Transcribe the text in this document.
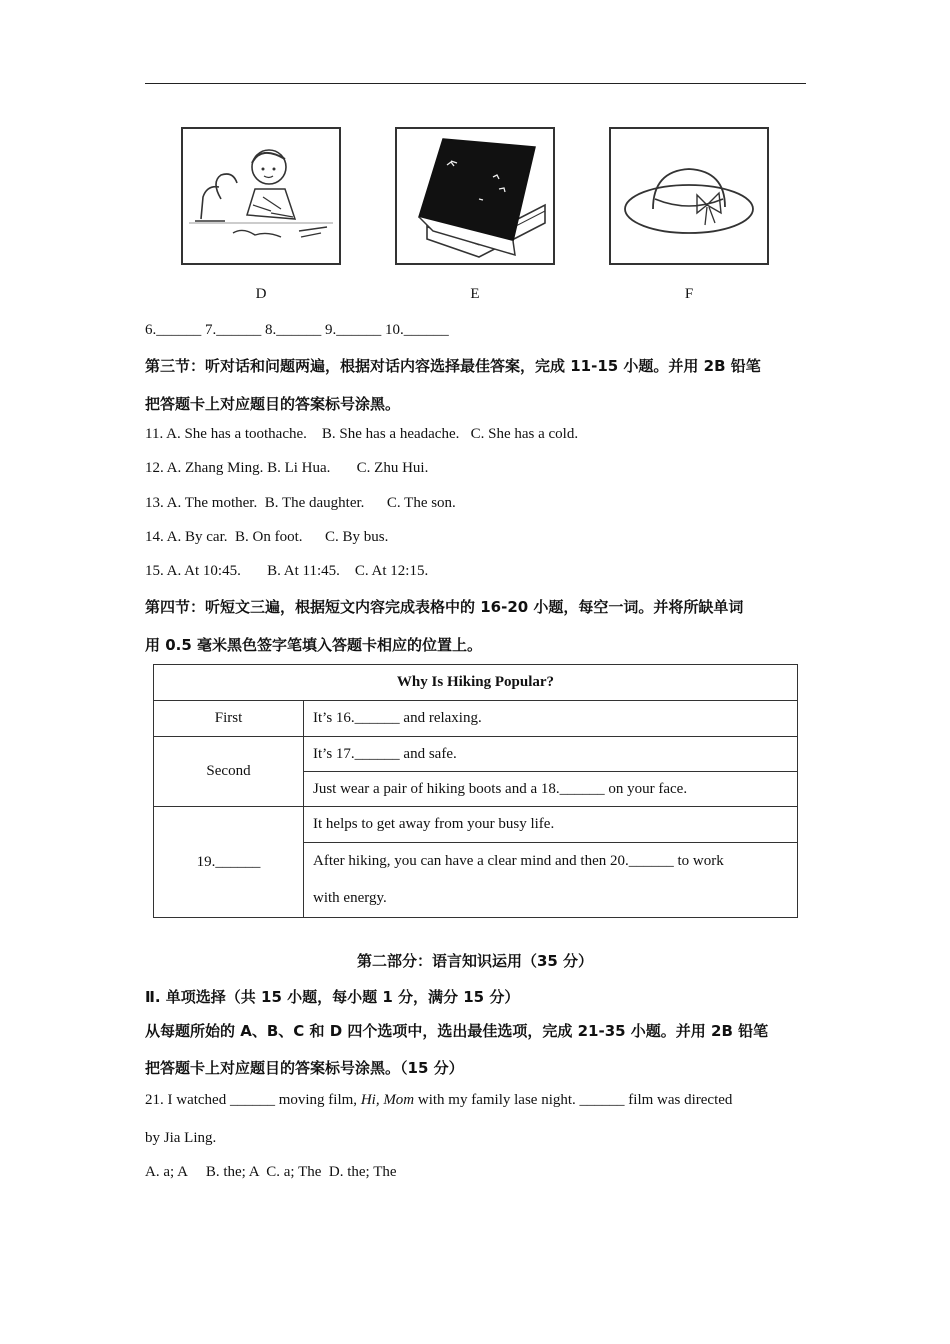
D	E	F
6.______ 7.______ 8.______ 9.______ 10.______
第三节：听对话和问题两遍，根据对话内容选择最佳答案，完成 11-15 小题。并用 2B 铅笔
把答题卡上对应题目的答案标号涂黑。
11. A. She has a toothache.    B. She has a headache.   C. She has a cold.
12. A. Zhang Ming. B. Li Hua.       C. Zhu Hui.
13. A. The mother.  B. The daughter.      C. The son.
14. A. By car.  B. On foot.      C. By bus.
15. A. At 10:45.       B. At 11:45.    C. At 12:15.
第四节：听短文三遍，根据短文内容完成表格中的 16-20 小题，每空一词。并将所缺单词
用 0.5 毫米黑色签字笔填入答题卡相应的位置上。
Why Is Hiking Popular?	
First	It’s 16.______ and relaxing.
Second	It’s 17.______ and safe.
	Just wear a pair of hiking boots and a 18.______ on your face.
19.______	It helps to get away from your busy life.
	After hiking, you can have a clear mind and then 20.______ to work
with energy.
第二部分：语言知识运用（35 分）
Ⅱ. 单项选择（共 15 小题，每小题 1 分，满分 15 分）
从每题所始的 A、B、C 和 D 四个选项中，选出最佳选项，完成 21-35 小题。并用 2B 铅笔
把答题卡上对应题目的答案标号涂黑。（15 分）
21. I watched ______ moving film, Hi, Mom with my family lase night. ______ film was directed
by Jia Ling.
A. a; A     B. the; A  C. a; The  D. the; The
